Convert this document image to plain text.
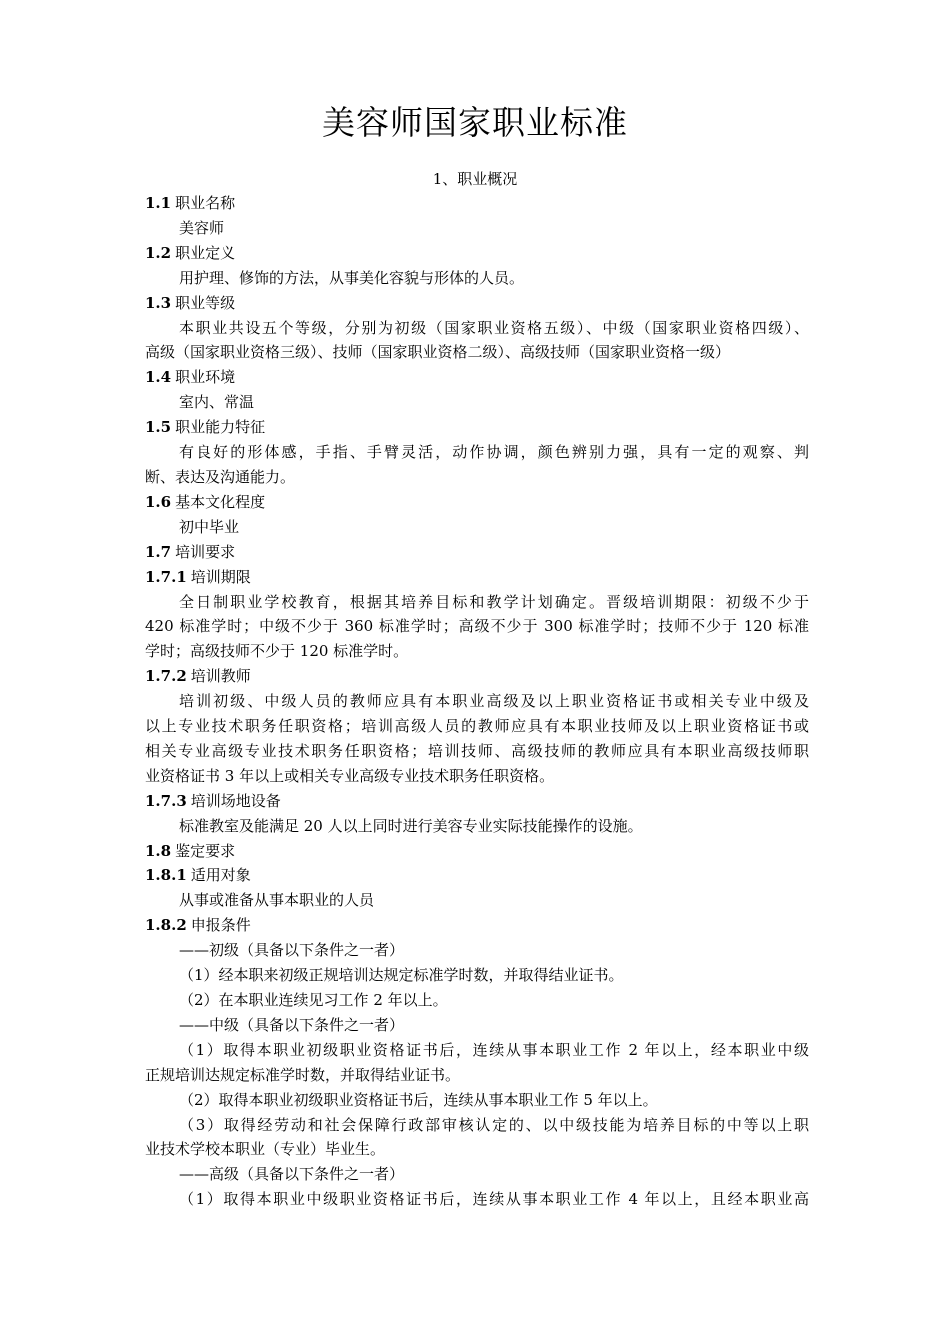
美容师国家职业标准
1、职业概况

1.1 职业名称

美容师

1.2 职业定义

用护理、修饰的方法，从事美化容貌与形体的人员。

1.3 职业等级

本职业共设五个等级，分别为初级（国家职业资格五级）、中级（国家职业资格四级）、

高级（国家职业资格三级）、技师（国家职业资格二级）、高级技师（国家职业资格一级）

1.4 职业环境

室内、常温

1.5 职业能力特征

有良好的形体感，手指、手臂灵活，动作协调，颜色辨别力强，具有一定的观察、判

断、表达及沟通能力。

1.6 基本文化程度

初中毕业

1.7 培训要求

1.7.1 培训期限

全日制职业学校教育，根据其培养目标和教学计划确定。晋级培训期限：初级不少于

420 标准学时；中级不少于 360 标准学时；高级不少于 300 标准学时；技师不少于 120 标准

学时；高级技师不少于 120 标准学时。

1.7.2 培训教师

培训初级、中级人员的教师应具有本职业高级及以上职业资格证书或相关专业中级及

以上专业技术职务任职资格；培训高级人员的教师应具有本职业技师及以上职业资格证书或

相关专业高级专业技术职务任职资格；培训技师、高级技师的教师应具有本职业高级技师职

业资格证书 3 年以上或相关专业高级专业技术职务任职资格。

1.7.3 培训场地设备

标准教室及能满足 20 人以上同时进行美容专业实际技能操作的设施。

1.8 鉴定要求

1.8.1 适用对象

从事或准备从事本职业的人员

1.8.2 申报条件

——初级（具备以下条件之一者）

（1）经本职来初级正规培训达规定标准学时数，并取得结业证书。

（2）在本职业连续见习工作 2 年以上。

——中级（具备以下条件之一者）

（1）取得本职业初级职业资格证书后，连续从事本职业工作 2 年以上，经本职业中级

正规培训达规定标准学时数，并取得结业证书。

（2）取得本职业初级职业资格证书后，连续从事本职业工作 5 年以上。

（3）取得经劳动和社会保障行政部审核认定的、以中级技能为培养目标的中等以上职

业技术学校本职业（专业）毕业生。

——高级（具备以下条件之一者）

（1）取得本职业中级职业资格证书后，连续从事本职业工作 4 年以上，且经本职业高
